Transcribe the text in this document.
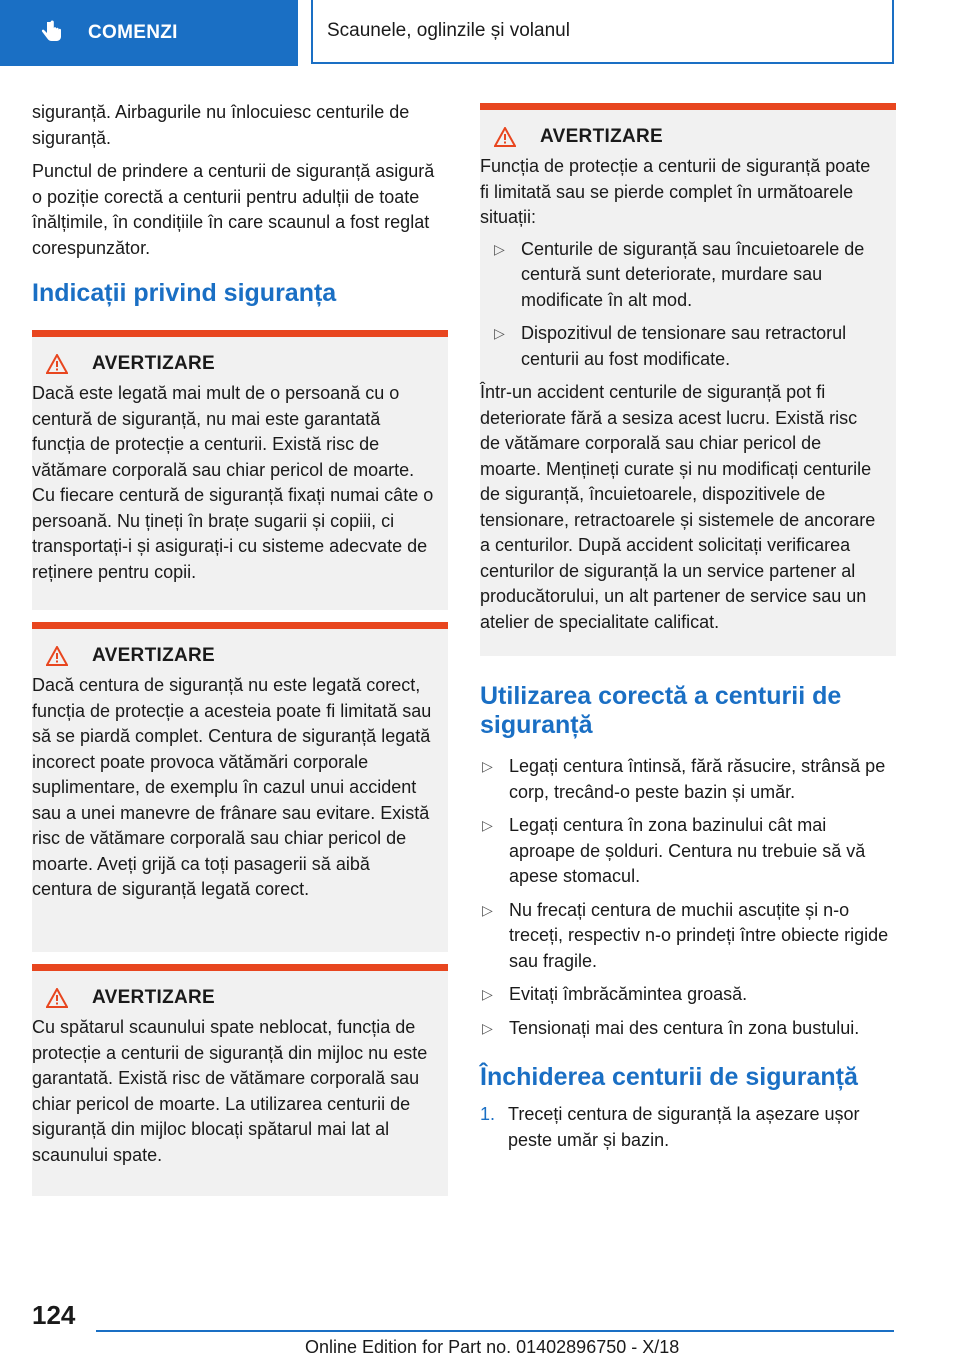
COMENZI	Scaunele, oglinzile și volanul

siguranță. Airbagurile nu înlocuiesc centurile de siguranță.

Punctul de prindere a centurii de siguranță asigură o poziție corectă a centurii pentru adulții de toate înălțimile, în condițiile în care scaunul a fost reglat corespunzător.

Indicații privind siguranța
AVERTIZARE

Dacă este legată mai mult de o persoană cu o centură de siguranță, nu mai este garantată funcția de protecție a centurii. Există risc de vătămare corporală sau chiar pericol de moarte. Cu fiecare centură de siguranță fixați numai câte o persoană. Nu țineți în brațe sugarii și copiii, ci transportați-i și asigurați-i cu sisteme adecvate de reținere pentru copii.

AVERTIZARE

Dacă centura de siguranță nu este legată corect, funcția de protecție a acesteia poate fi limitată sau să se piardă complet. Centura de siguranță legată incorect poate provoca vătămări corporale suplimentare, de exemplu în cazul unui accident sau a unei manevre de frânare sau evitare. Există risc de vătămare corporală sau chiar pericol de moarte. Aveți grijă ca toți pasagerii să aibă centura de siguranță legată corect.

AVERTIZARE

Cu spătarul scaunului spate neblocat, funcția de protecție a centurii de siguranță din mijloc nu este garantată. Există risc de vătămare corporală sau chiar pericol de moarte. La utilizarea centurii de siguranță din mijloc blocați spătarul mai lat al scaunului spate.

AVERTIZARE

Funcția de protecție a centurii de siguranță poate fi limitată sau se pierde complet în următoarele situații:

▷ Centurile de siguranță sau încuietoarele de centură sunt deteriorate, murdare sau modificate în alt mod.
▷ Dispozitivul de tensionare sau retractorul centurii au fost modificate.

Într-un accident centurile de siguranță pot fi deteriorate fără a sesiza acest lucru. Există risc de vătămare corporală sau chiar pericol de moarte. Mențineți curate și nu modificați centurile de siguranță, încuietoarele, dispozitivele de tensionare, retractoarele și sistemele de ancorare a centurilor. După accident solicitați verificarea centurilor de siguranță la un service partener al producătorului, un alt partener de service sau un atelier de specialitate calificat.

Utilizarea corectă a centurii de siguranță
▷ Legați centura întinsă, fără răsucire, strânsă pe corp, trecând-o peste bazin și umăr.
▷ Legați centura în zona bazinului cât mai aproape de șolduri. Centura nu trebuie să vă apese stomacul.
▷ Nu frecați centura de muchii ascuțite și n-o treceți, respectiv n-o prindeți între obiecte rigide sau fragile.
▷ Evitați îmbrăcămintea groasă.
▷ Tensionați mai des centura în zona bustului.
Închiderea centurii de siguranță
1. Treceți centura de siguranță la așezare ușor peste umăr și bazin.
124
Online Edition for Part no. 01402896750 - X/18
